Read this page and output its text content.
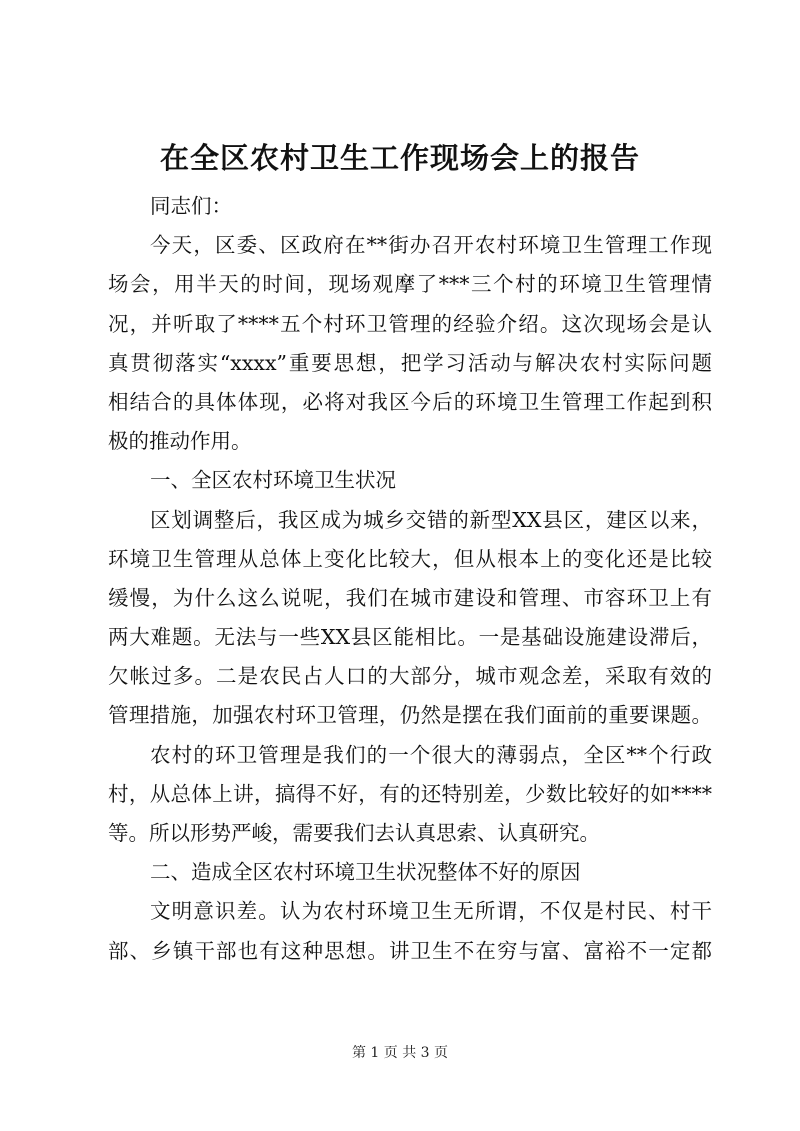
在全区农村卫生工作现场会上的报告
同志们：
今天，区委、区政府在**街办召开农村环境卫生管理工作现
场会，用半天的时间，现场观摩了***三个村的环境卫生管理情
况，并听取了****五个村环卫管理的经验介绍。这次现场会是认
真贯彻落实“xxxx”重要思想，把学习活动与解决农村实际问题
相结合的具体体现，必将对我区今后的环境卫生管理工作起到积
极的推动作用。
一、全区农村环境卫生状况
区划调整后，我区成为城乡交错的新型XX县区，建区以来，
环境卫生管理从总体上变化比较大，但从根本上的变化还是比较
缓慢，为什么这么说呢，我们在城市建设和管理、市容环卫上有
两大难题。无法与一些XX县区能相比。一是基础设施建设滞后，
欠帐过多。二是农民占人口的大部分，城市观念差，采取有效的
管理措施，加强农村环卫管理，仍然是摆在我们面前的重要课题。
农村的环卫管理是我们的一个很大的薄弱点，全区**个行政
村，从总体上讲，搞得不好，有的还特别差，少数比较好的如****
等。所以形势严峻，需要我们去认真思索、认真研究。
二、造成全区农村环境卫生状况整体不好的原因
文明意识差。认为农村环境卫生无所谓，不仅是村民、村干
部、乡镇干部也有这种思想。讲卫生不在穷与富、富裕不一定都
第 1 页 共 3 页
